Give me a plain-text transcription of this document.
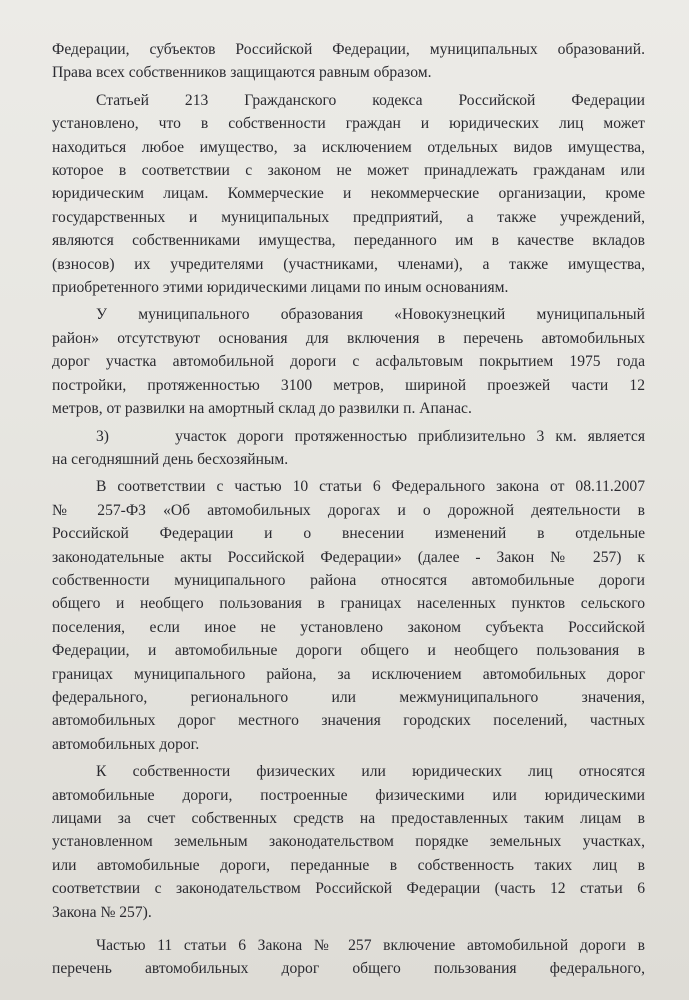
Федерации, субъектов Российской Федерации, муниципальных образований.
Права всех собственников защищаются равным образом.
Статьей 213 Гражданского кодекса Российской Федерации
установлено, что в собственности граждан и юридических лиц может
находиться любое имущество, за исключением отдельных видов имущества,
которое в соответствии с законом не может принадлежать гражданам или
юридическим лицам. Коммерческие и некоммерческие организации, кроме
государственных и муниципальных предприятий, а также учреждений,
являются собственниками имущества, переданного им в качестве вкладов
(взносов) их учредителями (участниками, членами), а также имущества,
приобретенного этими юридическими лицами по иным основаниям.
У муниципального образования «Новокузнецкий муниципальный
район» отсутствуют основания для включения в перечень автомобильных
дорог участка автомобильной дороги с асфальтовым покрытием 1975 года
постройки, протяженностью 3100 метров, шириной проезжей части 12
метров, от развилки на амортный склад до развилки п. Апанас.
3)      участок дороги протяженностью приблизительно 3 км. является
на сегодняшний день бесхозяйным.
В соответствии с частью 10 статьи 6 Федерального закона от 08.11.2007
№ 257-ФЗ «Об автомобильных дорогах и о дорожной деятельности в
Российской Федерации и о внесении изменений в отдельные
законодательные акты Российской Федерации» (далее - Закон № 257) к
собственности муниципального района относятся автомобильные дороги
общего и необщего пользования в границах населенных пунктов сельского
поселения, если иное не установлено законом субъекта Российской
Федерации, и автомобильные дороги общего и необщего пользования в
границах муниципального района, за исключением автомобильных дорог
федерального, регионального или межмуниципального значения,
автомобильных дорог местного значения городских поселений, частных
автомобильных дорог.
К собственности физических или юридических лиц относятся
автомобильные дороги, построенные физическими или юридическими
лицами за счет собственных средств на предоставленных таким лицам в
установленном земельным законодательством порядке земельных участках,
или автомобильные дороги, переданные в собственность таких лиц в
соответствии с законодательством Российской Федерации (часть 12 статьи 6
Закона № 257).
Частью 11 статьи 6 Закона № 257 включение автомобильной дороги в
перечень автомобильных дорог общего пользования федерального,
